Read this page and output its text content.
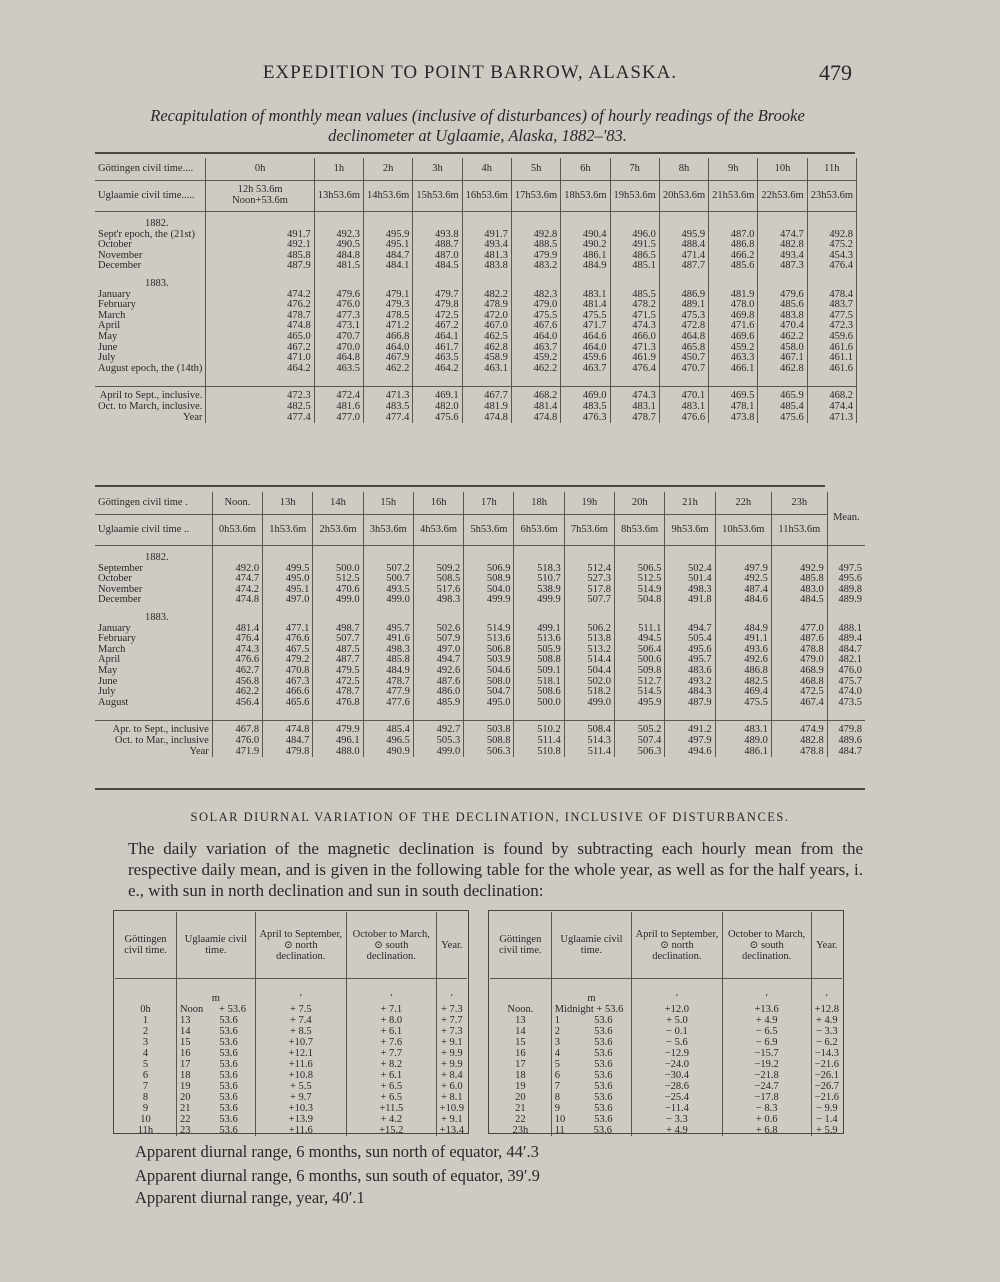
EXPEDITION TO POINT BARROW, ALASKA.	479
Recapitulation of monthly mean values (inclusive of disturbances) of hourly readings of the Brooke
declinometer at Uglaamie, Alaska, 1882–'83.
Göttingen civil time....	0h	1h	2h	3h	4h	5h	6h	7h	8h	9h	10h	11h
Uglaamie civil time.....	12h 53.6m Noon+53.6m	13h53.6m	14h53.6m	15h53.6m	16h53.6m	17h53.6m	18h53.6m	19h53.6m	20h53.6m	21h53.6m	22h53.6m	23h53.6m

1882.												
Sept'r epoch, the (21st)	491.7	492.3	495.9	493.8	491.7	492.8	490.4	496.0	495.9	487.0	474.7	492.8
October	492.1	490.5	495.1	488.7	493.4	488.5	490.2	491.5	488.4	486.8	482.8	475.2
November	485.8	484.8	484.7	487.0	481.3	479.9	486.1	486.5	471.4	466.2	493.4	454.3
December	487.9	481.5	484.1	484.5	483.8	483.2	484.9	485.1	487.7	485.6	487.3	476.4

1883.												
January	474.2	479.6	479.1	479.7	482.2	482.3	483.1	485.5	486.9	481.9	479.6	478.4
February	476.2	476.0	479.3	479.8	478.9	479.0	481.4	478.2	489.1	478.0	485.6	483.7
March	478.7	477.3	478.5	472.5	472.0	475.5	475.5	471.5	475.3	469.8	483.8	477.5
April	474.8	473.1	471.2	467.2	467.0	467.6	471.7	474.3	472.8	471.6	470.4	472.3
May	465.0	470.7	466.8	464.1	462.5	464.0	464.6	466.0	464.8	469.6	462.2	459.6
June	467.2	470.0	464.0	461.7	462.8	463.7	464.0	471.3	465.8	459.2	458.0	461.6
July	471.0	464.8	467.9	463.5	458.9	459.2	459.6	461.9	450.7	463.3	467.1	461.1
August epoch, the (14th)	464.2	463.5	462.2	464.2	463.1	462.2	463.7	476.4	470.7	466.1	462.8	461.6

April to Sept., inclusive.	472.3	472.4	471.3	469.1	467.7	468.2	469.0	474.3	470.1	469.5	465.9	468.2
Oct. to March, inclusive.	482.5	481.6	483.5	482.0	481.9	481.4	483.5	483.1	483.1	478.1	485.4	474.4
Year	477.4	477.0	477.4	475.6	474.8	474.8	476.3	478.7	476.6	473.8	475.6	471.3
Göttingen civil time .	Noon.	13h	14h	15h	16h	17h	18h	19h	20h	21h	22h	23h	Mean.
Uglaamie civil time ..	0h53.6m	1h53.6m	2h53.6m	3h53.6m	4h53.6m	5h53.6m	6h53.6m	7h53.6m	8h53.6m	9h53.6m	10h53.6m	11h53.6m	

1882.													
September	492.0	499.5	500.0	507.2	509.2	506.9	518.3	512.4	506.5	502.4	497.9	492.9	497.5
October	474.7	495.0	512.5	500.7	508.5	508.9	510.7	527.3	512.5	501.4	492.5	485.8	495.6
November	474.2	495.1	470.6	493.5	517.6	504.0	538.9	517.8	514.9	498.3	487.4	483.0	489.8
December	474.8	497.0	499.0	499.0	498.3	499.9	499.9	507.7	504.8	491.8	484.6	484.5	489.9

1883.													
January	481.4	477.1	498.7	495.7	502.6	514.9	499.1	506.2	511.1	494.7	484.9	477.0	488.1
February	476.4	476.6	507.7	491.6	507.9	513.6	513.6	513.8	494.5	505.4	491.1	487.6	489.4
March	474.3	467.5	487.5	498.3	497.0	506.8	505.9	513.2	506.4	495.6	493.6	478.8	484.7
April	476.6	479.2	487.7	485.8	494.7	503.9	508.8	514.4	500.6	495.7	492.6	479.0	482.1
May	462.7	470.8	479.5	484.9	492.6	504.6	509.1	504.4	509.8	483.6	486.8	468.9	476.0
June	456.8	467.3	472.5	478.7	487.6	508.0	518.1	502.0	512.7	493.2	482.5	468.8	475.7
July	462.2	466.6	478.7	477.9	486.0	504.7	508.6	518.2	514.5	484.3	469.4	472.5	474.0
August	456.4	465.6	476.8	477.6	485.9	495.0	500.0	499.0	495.9	487.9	475.5	467.4	473.5

Apr. to Sept., inclusive	467.8	474.8	479.9	485.4	492.7	503.8	510.2	508.4	505.2	491.2	483.1	474.9	479.8
Oct. to Mar., inclusive	476.0	484.7	496.1	496.5	505.3	508.8	511.4	514.3	507.4	497.9	489.0	482.8	489.6
Year	471.9	479.8	488.0	490.9	499.0	506.3	510.8	511.4	506.3	494.6	486.1	478.8	484.7
SOLAR DIURNAL VARIATION OF THE DECLINATION, INCLUSIVE OF DISTURBANCES.
The daily variation of the magnetic declination is found by subtracting each hourly mean from the respective daily mean, and is given in the following table for the whole year, as well as for the half years, i. e., with sun in north declination and sun in south declination:
Göttingen civil time.	Uglaamie civil time.	April to September, ⊙ north declination.	October to March, ⊙ south declination.	Year.
	m	'	'	'
0h	Noon      + 53.6	+ 7.5	+ 7.1	+ 7.3
1	13           53.6	+ 7.4	+ 8.0	+ 7.7
2	14           53.6	+ 8.5	+ 6.1	+ 7.3
3	15           53.6	+10.7	+ 7.6	+ 9.1
4	16           53.6	+12.1	+ 7.7	+ 9.9
5	17           53.6	+11.6	+ 8.2	+ 9.9
6	18           53.6	+10.8	+ 6.1	+ 8.4
7	19           53.6	+ 5.5	+ 6.5	+ 6.0
8	20           53.6	+ 9.7	+ 6.5	+ 8.1
9	21           53.6	+10.3	+11.5	+10.9
10	22           53.6	+13.9	+ 4.2	+ 9.1
11h	23           53.6	+11.6	+15.2	+13.4
Göttingen civil time.	Uglaamie civil time.	April to September, ⊙ north declination.	October to March, ⊙ south declination.	Year.
	m	'	'	'
Noon.	Midnight + 53.6	+12.0	+13.6	+12.8
13	1             53.6	+ 5.0	+ 4.9	+ 4.9
14	2             53.6	− 0.1	− 6.5	− 3.3
15	3             53.6	− 5.6	− 6.9	− 6.2
16	4             53.6	−12.9	−15.7	−14.3
17	5             53.6	−24.0	−19.2	−21.6
18	6             53.6	−30.4	−21.8	−26.1
19	7             53.6	−28.6	−24.7	−26.7
20	8             53.6	−25.4	−17.8	−21.6
21	9             53.6	−11.4	− 8.3	− 9.9
22	10           53.6	− 3.3	+ 0.6	− 1.4
23h	11           53.6	+ 4.9	+ 6.8	+ 5.9
Apparent diurnal range, 6 months, sun north of equator, 44′.3
Apparent diurnal range, 6 months, sun south of equator, 39′.9
Apparent diurnal range, year, 40′.1
